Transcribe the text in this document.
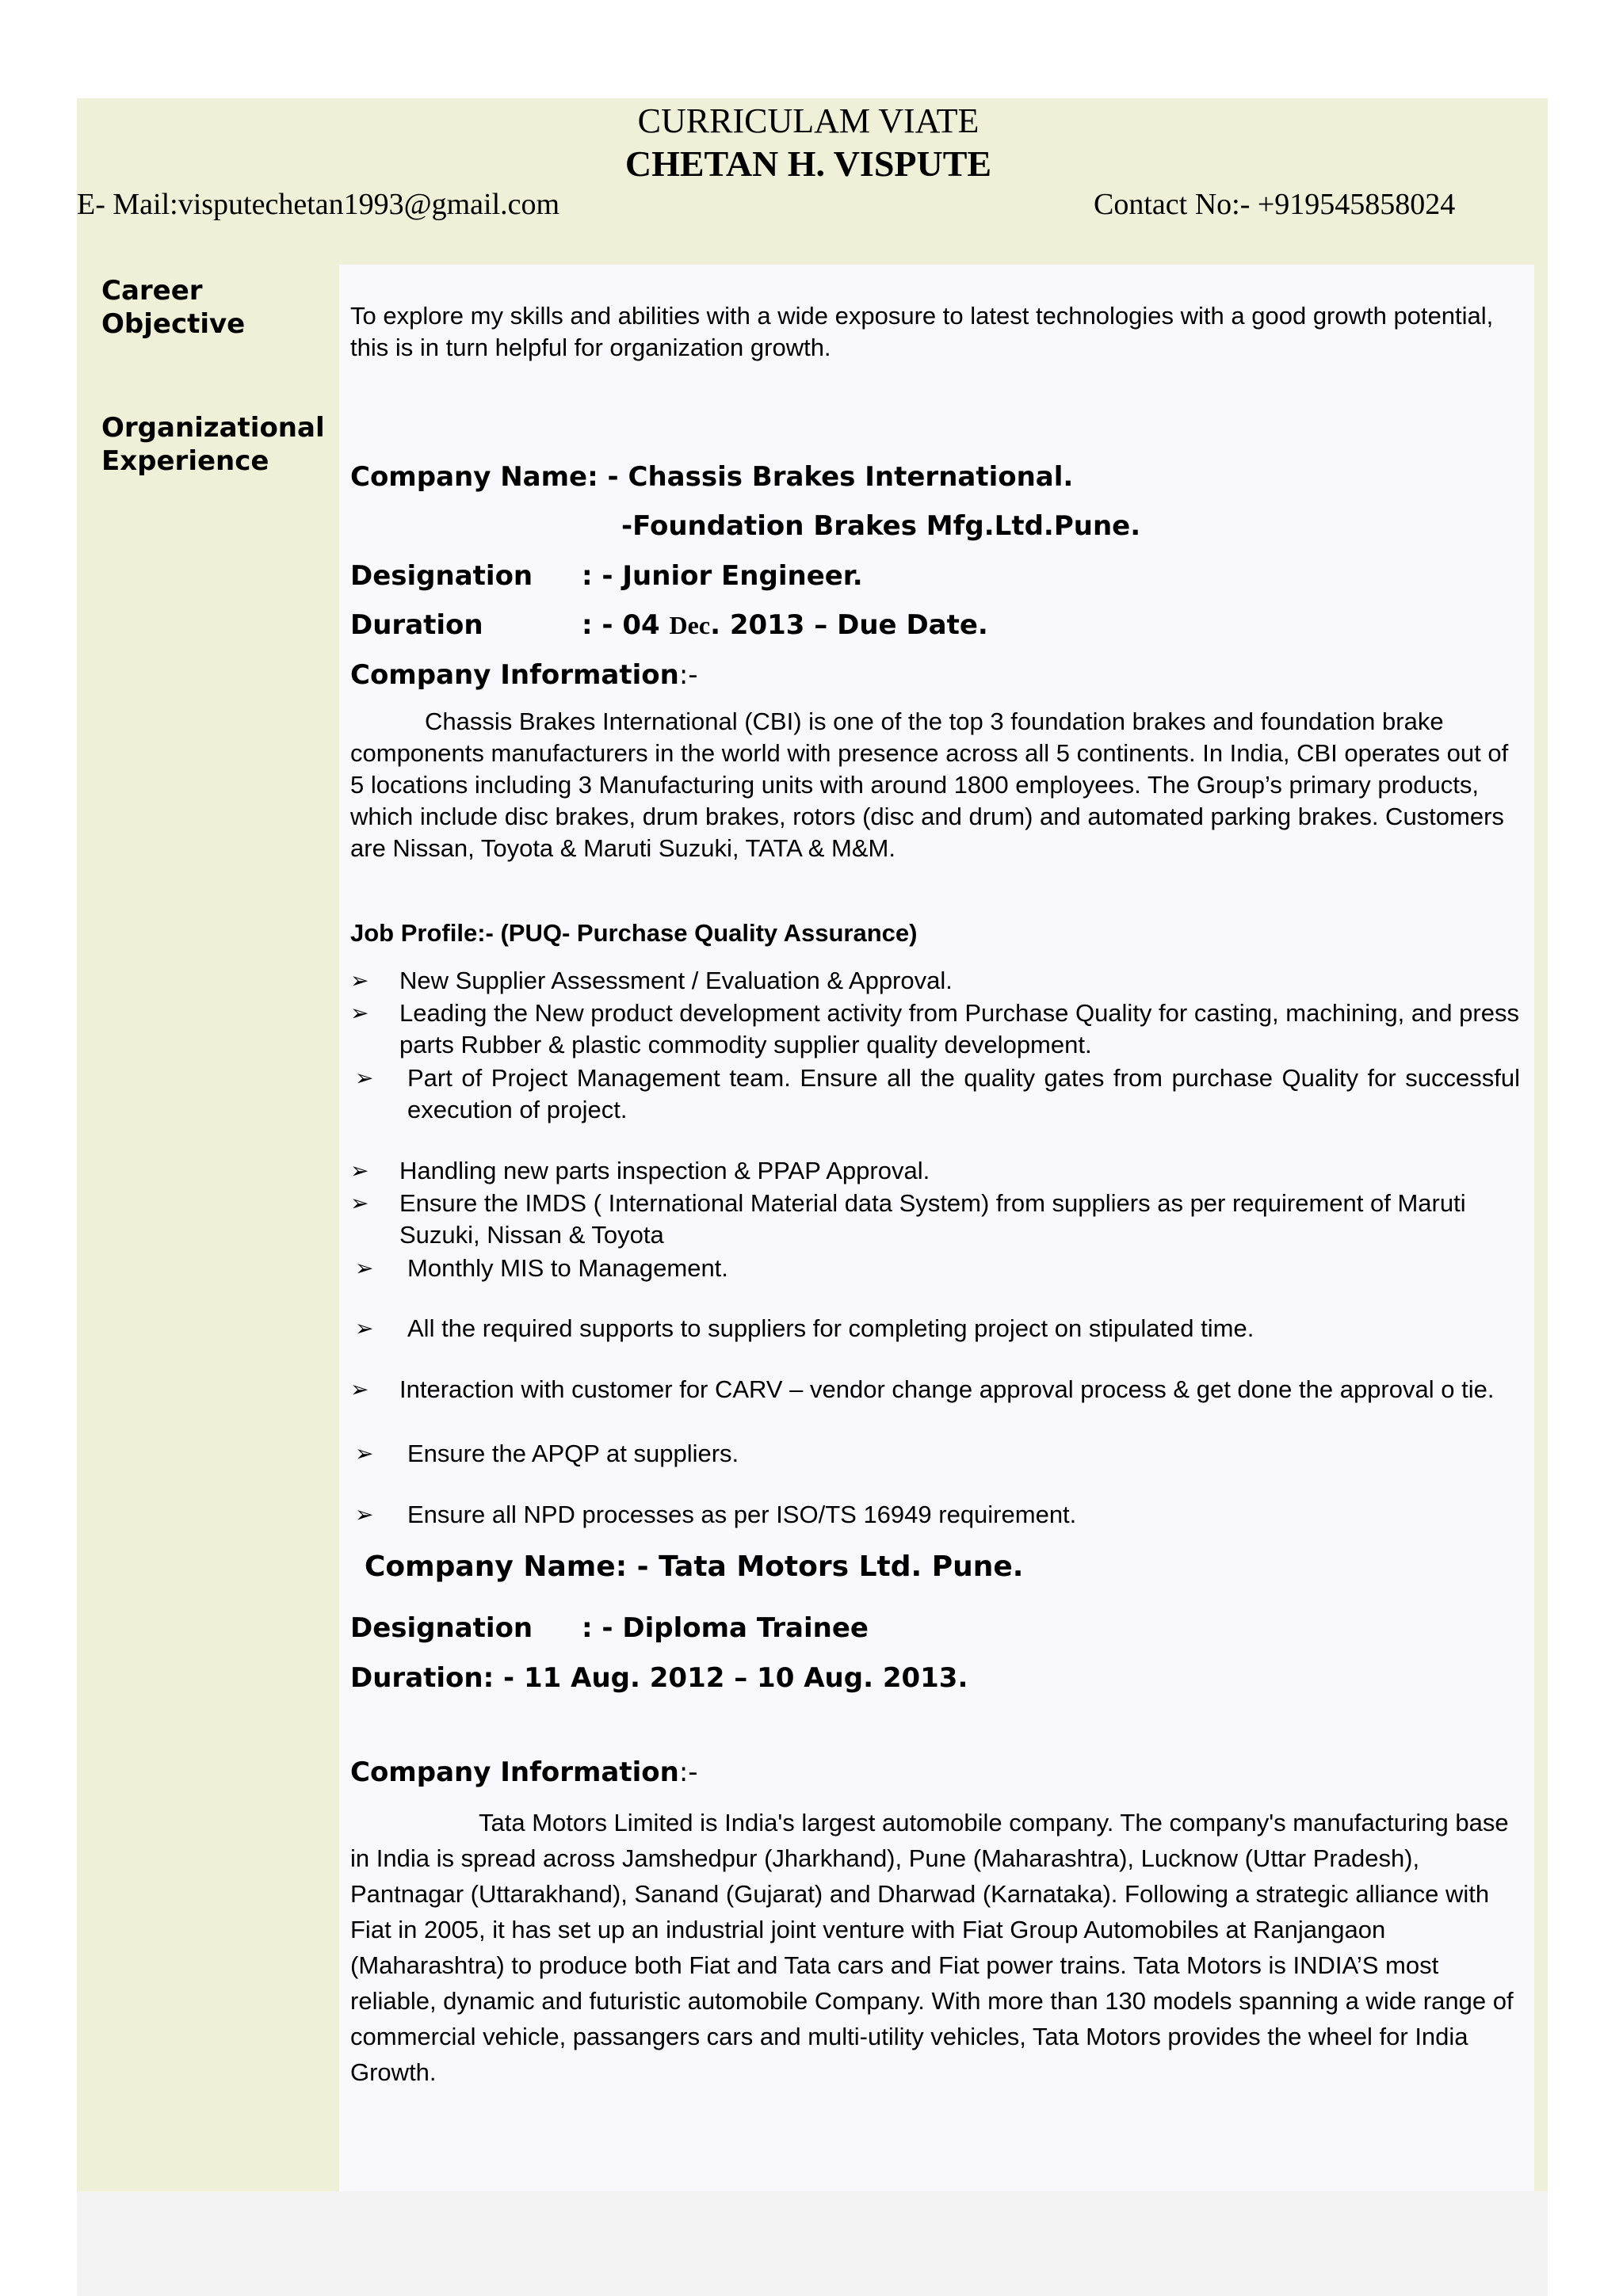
CURRICULAM VIATE
CHETAN H. VISPUTE
E- Mail:visputechetan1993@gmail.com	Contact No:- +919545858024
Career Objective
Organizational Experience
To explore my skills and abilities with a wide exposure to latest technologies with a good growth potential, this is in turn helpful for organization growth.
Company Name: - Chassis Brakes International.
-Foundation Brakes Mfg.Ltd.Pune.
Designation : - Junior Engineer.
Duration	: - 04 Dec. 2013 – Due Date.
Company Information:-
Chassis Brakes International (CBI) is one of the top 3 foundation brakes and foundation brake components manufacturers in the world with presence across all 5 continents. In India, CBI operates out of 5 locations including 3 Manufacturing units with around 1800 employees. The Group’s primary products, which include disc brakes, drum brakes, rotors (disc and drum) and automated parking brakes. Customers are Nissan, Toyota & Maruti Suzuki, TATA & M&M.
Job Profile:- (PUQ- Purchase Quality Assurance)
➢ New Supplier Assessment / Evaluation & Approval.
➢ Leading the New product development activity from Purchase Quality for casting, machining, and press parts Rubber & plastic commodity supplier quality development.
➢ Part of Project Management team. Ensure all the quality gates from purchase Quality for successful execution of project.
➢ Handling new parts inspection & PPAP Approval.
➢ Ensure the IMDS ( International Material data System) from suppliers as per requirement of Maruti Suzuki, Nissan & Toyota
➢ Monthly MIS to Management.
➢ All the required supports to suppliers for completing project on stipulated time.
➢ Interaction with customer for CARV – vendor change approval process & get done the approval o tie.
➢ Ensure the APQP at suppliers.
➢ Ensure all NPD processes as per ISO/TS 16949 requirement.
Company Name: - Tata Motors Ltd. Pune.
Designation : - Diploma Trainee
Duration: - 11 Aug. 2012 – 10 Aug. 2013.
Company Information:-
Tata Motors Limited is India's largest automobile company. The company's manufacturing base in India is spread across Jamshedpur (Jharkhand), Pune (Maharashtra), Lucknow (Uttar Pradesh), Pantnagar (Uttarakhand), Sanand (Gujarat) and Dharwad (Karnataka). Following a strategic alliance with Fiat in 2005, it has set up an industrial joint venture with Fiat Group Automobiles at Ranjangaon (Maharashtra) to produce both Fiat and Tata cars and Fiat power trains. Tata Motors is INDIA’S most reliable, dynamic and futuristic automobile Company. With more than 130 models spanning a wide range of commercial vehicle, passangers cars and multi-utility vehicles, Tata Motors provides the wheel for India Growth.
